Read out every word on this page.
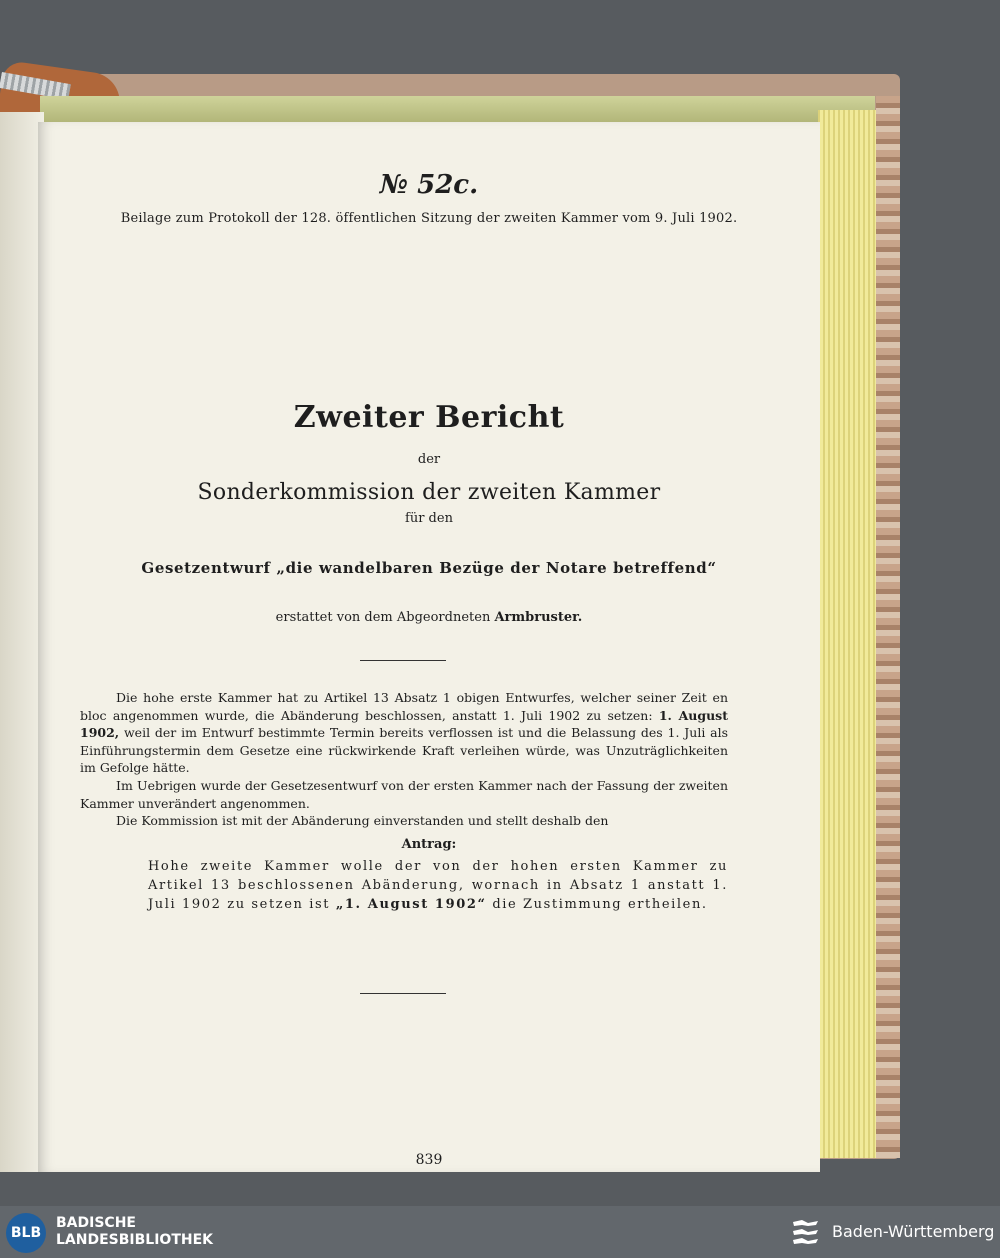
№ 52c.
Beilage zum Protokoll der 128. öffentlichen Sitzung der zweiten Kammer vom 9. Juli 1902.
Zweiter Bericht
der
Sonderkommission der zweiten Kammer
für den
Gesetzentwurf „die wandelbaren Bezüge der Notare betreffend“
erstattet von dem Abgeordneten Armbruster.

Die hohe erste Kammer hat zu Artikel 13 Absatz 1 obigen Entwurfes, welcher seiner Zeit en bloc angenommen wurde, die Abänderung beschlossen, anstatt 1. Juli 1902 zu setzen: 1. August 1902, weil der im Entwurf bestimmte Termin bereits verflossen ist und die Belassung des 1. Juli als Einführungstermin dem Gesetze eine rückwirkende Kraft verleihen würde, was Unzuträglichkeiten im Gefolge hätte.

Im Uebrigen wurde der Gesetzesentwurf von der ersten Kammer nach der Fassung der zweiten Kammer unverändert angenommen.

Die Kommission ist mit der Abänderung einverstanden und stellt deshalb den

Antrag:
Hohe zweite Kammer wolle der von der hohen ersten Kammer zu Artikel 13 beschlossenen Abänderung, wornach in Absatz 1 anstatt 1. Juli 1902 zu setzen ist „1. August 1902“ die Zustimmung ertheilen.
839
BLB
BADISCHE
LANDESBIBLIOTHEK	Baden-Württemberg
